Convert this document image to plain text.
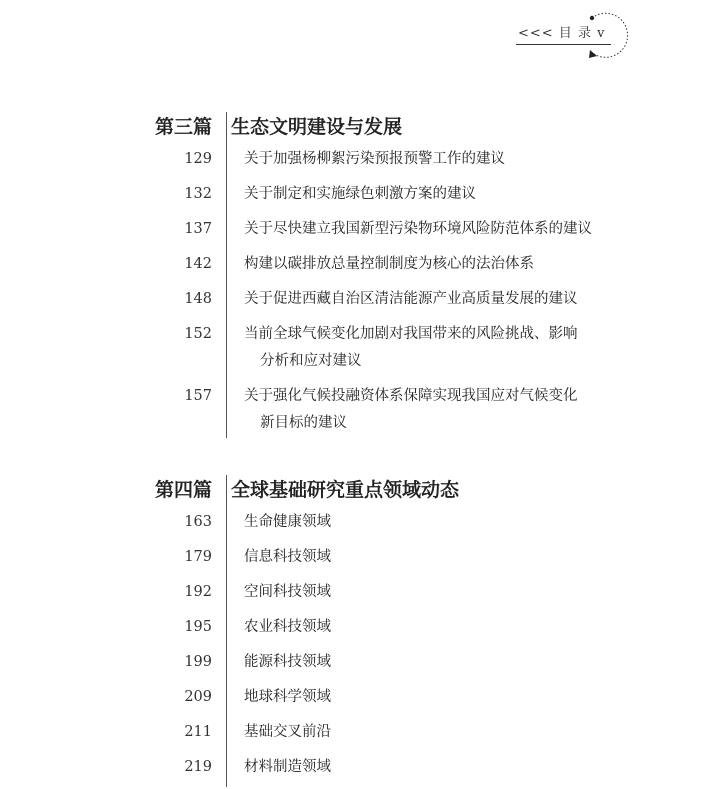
<<< 目 录 v
第三篇 生态文明建设与发展
129	关于加强杨柳絮污染预报预警工作的建议
132	关于制定和实施绿色刺激方案的建议
137	关于尽快建立我国新型污染物环境风险防范体系的建议
142	构建以碳排放总量控制制度为核心的法治体系
148	关于促进西藏自治区清洁能源产业高质量发展的建议
152	当前全球气候变化加剧对我国带来的风险挑战、影响
分析和应对建议
157	关于强化气候投融资体系保障实现我国应对气候变化
新目标的建议
第四篇 全球基础研究重点领域动态
163	生命健康领域
179	信息科技领域
192	空间科技领域
195	农业科技领域
199	能源科技领域
209	地球科学领域
211	基础交叉前沿
219	材料制造领域
